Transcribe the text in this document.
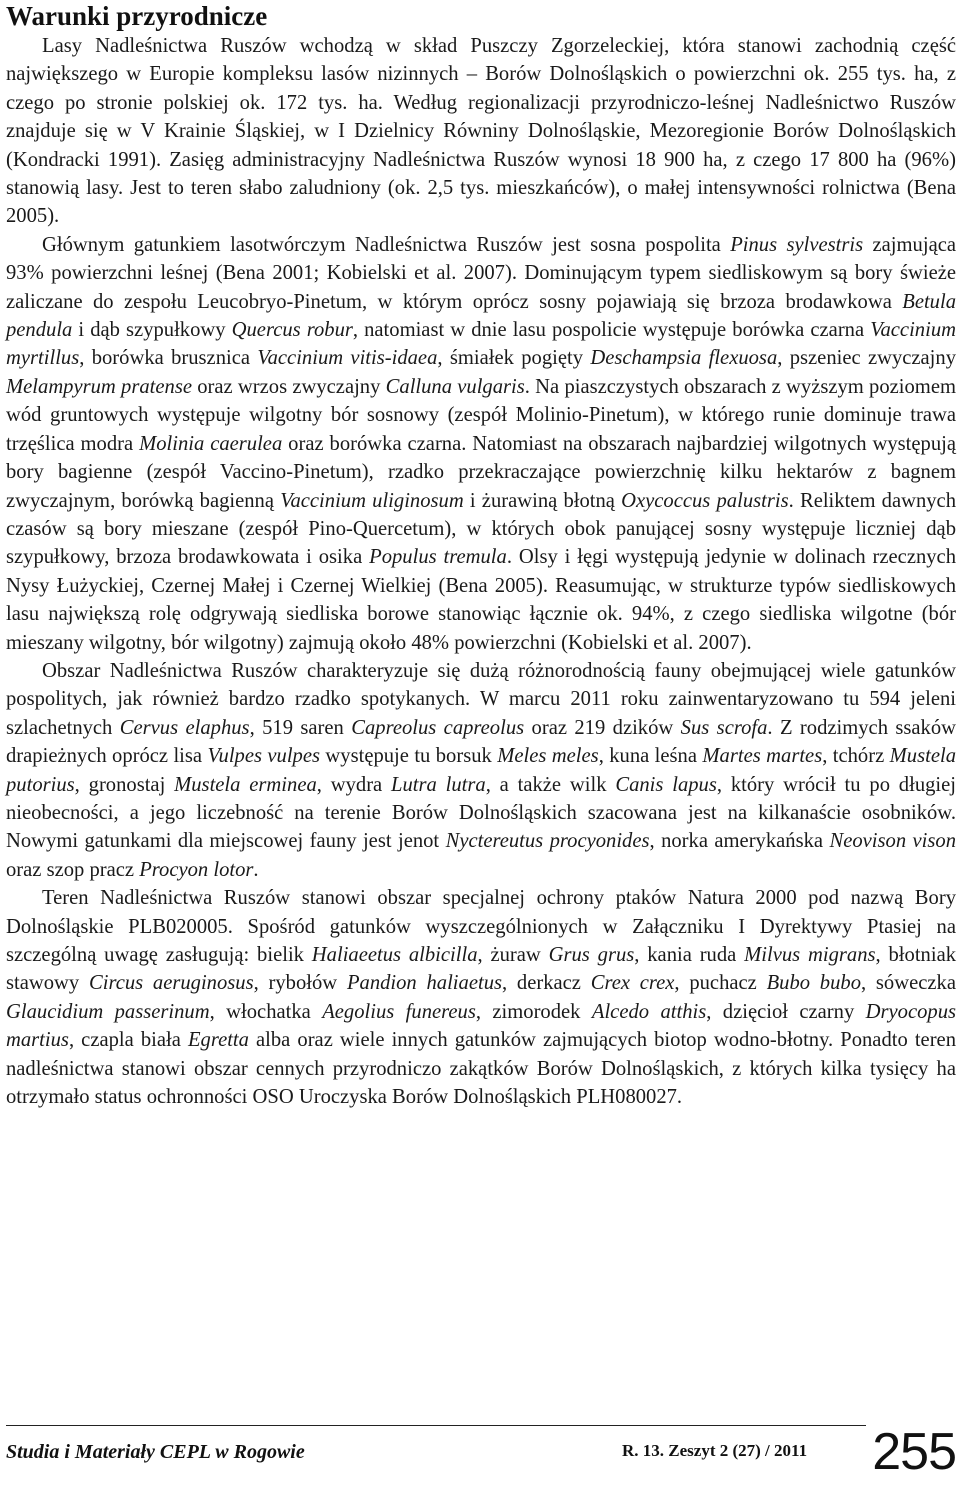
Warunki przyrodnicze

Lasy Nadleśnictwa Ruszów wchodzą w skład Puszczy Zgorzeleckiej, która stanowi zachodnią część największego w Europie kompleksu lasów nizinnych – Borów Dolnośląskich o powierzchni ok. 255 tys. ha, z czego po stronie polskiej ok. 172 tys. ha. Według regionalizacji przyrodniczo-leśnej Nadleśnictwo Ruszów znajduje się w V Krainie Śląskiej, w I Dzielnicy Równiny Dolnośląskie, Mezoregionie Borów Dolnośląskich (Kondracki 1991). Zasięg administracyjny Nadleśnictwa Ruszów wynosi 18 900 ha, z czego 17 800 ha (96%) stanowią lasy. Jest to teren słabo zaludniony (ok. 2,5 tys. mieszkańców), o małej intensywności rolnictwa (Bena 2005).

Głównym gatunkiem lasotwórczym Nadleśnictwa Ruszów jest sosna pospolita Pinus sylvestris zajmująca 93% powierzchni leśnej (Bena 2001; Kobielski et al. 2007). Dominującym typem siedliskowym są bory świeże zaliczane do zespołu Leucobryo-Pinetum, w którym oprócz sosny pojawiają się brzoza brodawkowa Betula pendula i dąb szypułkowy Quercus robur, natomiast w dnie lasu pospolicie występuje borówka czarna Vaccinium myrtillus, borówka brusznica Vaccinium vitis-idaea, śmiałek pogięty Deschampsia flexuosa, pszeniec zwyczajny Melampyrum pratense oraz wrzos zwyczajny Calluna vulgaris. Na piaszczystych obszarach z wyższym poziomem wód gruntowych występuje wilgotny bór sosnowy (zespół Molinio-Pinetum), w którego runie dominuje trawa trzęślica modra Molinia caerulea oraz borówka czarna. Natomiast na obszarach najbardziej wilgotnych występują bory bagienne (zespół Vaccino-Pinetum), rzadko przekraczające powierzchnię kilku hektarów z bagnem zwyczajnym, borówką bagienną Vaccinium uliginosum i żurawiną błotną Oxycoccus palustris. Reliktem dawnych czasów są bory mieszane (zespół Pino-Quercetum), w których obok panującej sosny występuje liczniej dąb szypułkowy, brzoza brodawkowata i osika Populus tremula. Olsy i łęgi występują jedynie w dolinach rzecznych Nysy Łużyckiej, Czernej Małej i Czernej Wielkiej (Bena 2005). Reasumując, w strukturze typów siedliskowych lasu największą rolę odgrywają siedliska borowe stanowiąc łącznie ok. 94%, z czego siedliska wilgotne (bór mieszany wilgotny, bór wilgotny) zajmują około 48% powierzchni (Kobielski et al. 2007).

Obszar Nadleśnictwa Ruszów charakteryzuje się dużą różnorodnością fauny obejmującej wiele gatunków pospolitych, jak również bardzo rzadko spotykanych. W marcu 2011 roku zainwentaryzowano tu 594 jeleni szlachetnych Cervus elaphus, 519 saren Capreolus capreolus oraz 219 dzików Sus scrofa. Z rodzimych ssaków drapieżnych oprócz lisa Vulpes vulpes występuje tu borsuk Meles meles, kuna leśna Martes martes, tchórz Mustela putorius, gronostaj Mustela erminea, wydra Lutra lutra, a także wilk Canis lapus, który wrócił tu po długiej nieobecności, a jego liczebność na terenie Borów Dolnośląskich szacowana jest na kilkanaście osobników. Nowymi gatunkami dla miejscowej fauny jest jenot Nyctereutus procyonides, norka amerykańska Neovison vison oraz szop pracz Procyon lotor.

Teren Nadleśnictwa Ruszów stanowi obszar specjalnej ochrony ptaków Natura 2000 pod nazwą Bory Dolnośląskie PLB020005. Spośród gatunków wyszczególnionych w Załączniku I Dyrektywy Ptasiej na szczególną uwagę zasługują: bielik Haliaeetus albicilla, żuraw Grus grus, kania ruda Milvus migrans, błotniak stawowy Circus aeruginosus, rybołów Pandion haliaetus, derkacz Crex crex, puchacz Bubo bubo, sóweczka Glaucidium passerinum, włochatka Aegolius funereus, zimorodek Alcedo atthis, dzięcioł czarny Dryocopus martius, czapla biała Egretta alba oraz wiele innych gatunków zajmujących biotop wodno-błotny. Ponadto teren nadleśnictwa stanowi obszar cennych przyrodniczo zakątków Borów Dolnośląskich, z których kilka tysięcy ha otrzymało status ochronności OSO Uroczyska Borów Dolnośląskich PLH080027.

Studia i Materiały CEPL w Rogowie	R. 13. Zeszyt 2 (27) / 2011 255
